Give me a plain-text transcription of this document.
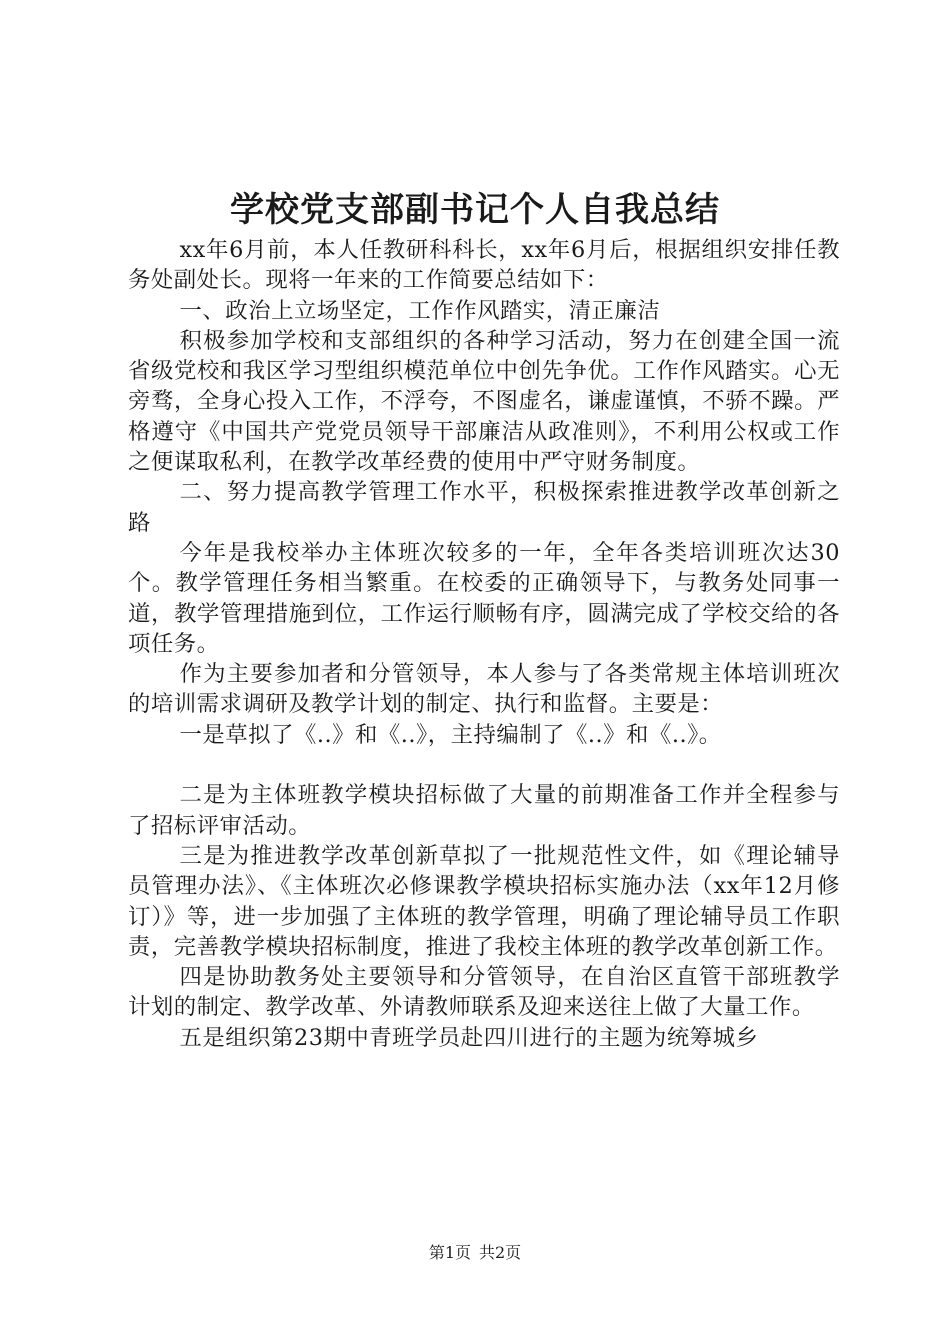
学校党支部副书记个人自我总结

xx年6月前，本人任教研科科长，xx年6月后，根据组织安排任教务处副处长。现将一年来的工作简要总结如下：

一、政治上立场坚定，工作作风踏实，清正廉洁

积极参加学校和支部组织的各种学习活动，努力在创建全国一流省级党校和我区学习型组织模范单位中创先争优。工作作风踏实。心无旁骛，全身心投入工作，不浮夸，不图虚名，谦虚谨慎，不骄不躁。严格遵守《中国共产党党员领导干部廉洁从政准则》，不利用公权或工作之便谋取私利，在教学改革经费的使用中严守财务制度。

二、努力提高教学管理工作水平，积极探索推进教学改革创新之路

今年是我校举办主体班次较多的一年，全年各类培训班次达30个。教学管理任务相当繁重。在校委的正确领导下，与教务处同事一道，教学管理措施到位，工作运行顺畅有序，圆满完成了学校交给的各项任务。

作为主要参加者和分管领导，本人参与了各类常规主体培训班次的培训需求调研及教学计划的制定、执行和监督。主要是：

一是草拟了《..》和《..》，主持编制了《..》和《..》。

二是为主体班教学模块招标做了大量的前期准备工作并全程参与了招标评审活动。

三是为推进教学改革创新草拟了一批规范性文件，如《理论辅导员管理办法》、《主体班次必修课教学模块招标实施办法（xx年12月修订）》等，进一步加强了主体班的教学管理，明确了理论辅导员工作职责，完善教学模块招标制度，推进了我校主体班的教学改革创新工作。

四是协助教务处主要领导和分管领导，在自治区直管干部班教学计划的制定、教学改革、外请教师联系及迎来送往上做了大量工作。

五是组织第23期中青班学员赴四川进行的主题为统筹城乡

第1页 共2页
